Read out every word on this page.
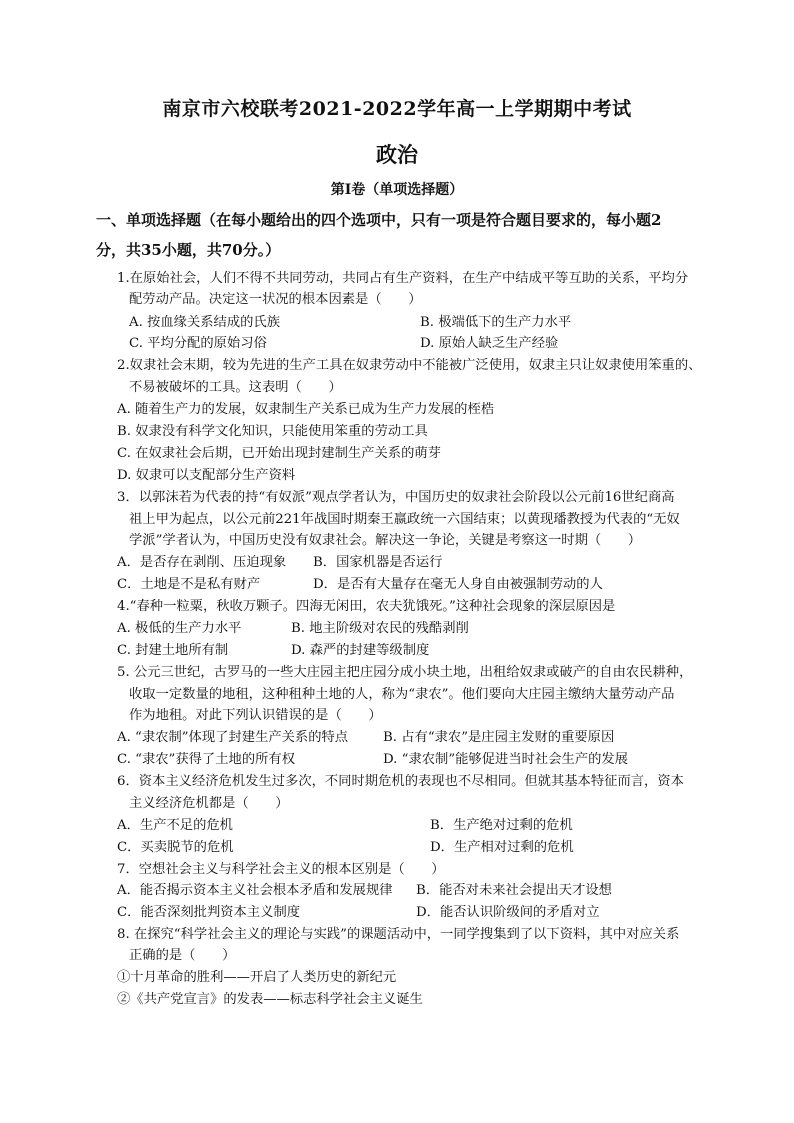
南京市六校联考2021-2022学年高一上学期期中考试
政治
第Ⅰ卷（单项选择题）
一、单项选择题（在每小题给出的四个选项中，只有一项是符合题目要求的，每小题2
分，共35小题，共70分。）
1.在原始社会，人们不得不共同劳动，共同占有生产资料，在生产中结成平等互助的关系，平均分
配劳动产品。决定这一状况的根本因素是（　　）
A. 按血缘关系结成的氏族	B. 极端低下的生产力水平
C. 平均分配的原始习俗	D. 原始人缺乏生产经验
2.奴隶社会末期，较为先进的生产工具在奴隶劳动中不能被广泛使用，奴隶主只让奴隶使用笨重的、
不易被破坏的工具。这表明（　　）
A. 随着生产力的发展，奴隶制生产关系已成为生产力发展的桎梏
B. 奴隶没有科学文化知识，只能使用笨重的劳动工具
C. 在奴隶社会后期，已开始出现封建制生产关系的萌芽
D. 奴隶可以支配部分生产资料
3．以郭沫若为代表的持“有奴派”观点学者认为，中国历史的奴隶社会阶段以公元前16世纪商高
祖上甲为起点，以公元前221年战国时期秦王嬴政统一六国结束；以黄现璠教授为代表的“无奴
学派”学者认为，中国历史没有奴隶社会。解决这一争论，关键是考察这一时期（　　）
A．是否存在剥削、压迫现象 B．国家机器是否运行
C．土地是不是私有财产	D．是否有大量存在毫无人身自由被强制劳动的人
4.“春种一粒粟，秋收万颗子。四海无闲田，农夫犹饿死。”这种社会现象的深层原因是
A. 极低的生产力水平	B. 地主阶级对农民的残酷剥削
C. 封建土地所有制	D. 森严的封建等级制度
5. 公元三世纪，古罗马的一些大庄园主把庄园分成小块土地，出租给奴隶或破产的自由农民耕种，
收取一定数量的地租，这种租种土地的人，称为“隶农”。他们要向大庄园主缴纳大量劳动产品
作为地租。对此下列认识错误的是（　　）
A. “隶农制”体现了封建生产关系的特点	B. 占有“隶农”是庄园主发财的重要原因
C. “隶农”获得了土地的所有权	D. “隶农制”能够促进当时社会生产的发展
6．资本主义经济危机发生过多次，不同时期危机的表现也不尽相同。但就其基本特征而言，资本
主义经济危机都是（　　）
A．生产不足的危机	B．生产绝对过剩的危机
C．买卖脱节的危机	D．生产相对过剩的危机
7．空想社会主义与科学社会主义的根本区别是（　　）
A．能否揭示资本主义社会根本矛盾和发展规律 B．能否对未来社会提出天才设想
C．能否深刻批判资本主义制度	D．能否认识阶级间的矛盾对立
8. 在探究“科学社会主义的理论与实践”的课题活动中，一同学搜集到了以下资料，其中对应关系
正确的是（　　）
①十月革命的胜利——开启了人类历史的新纪元
②《共产党宣言》的发表——标志科学社会主义诞生
